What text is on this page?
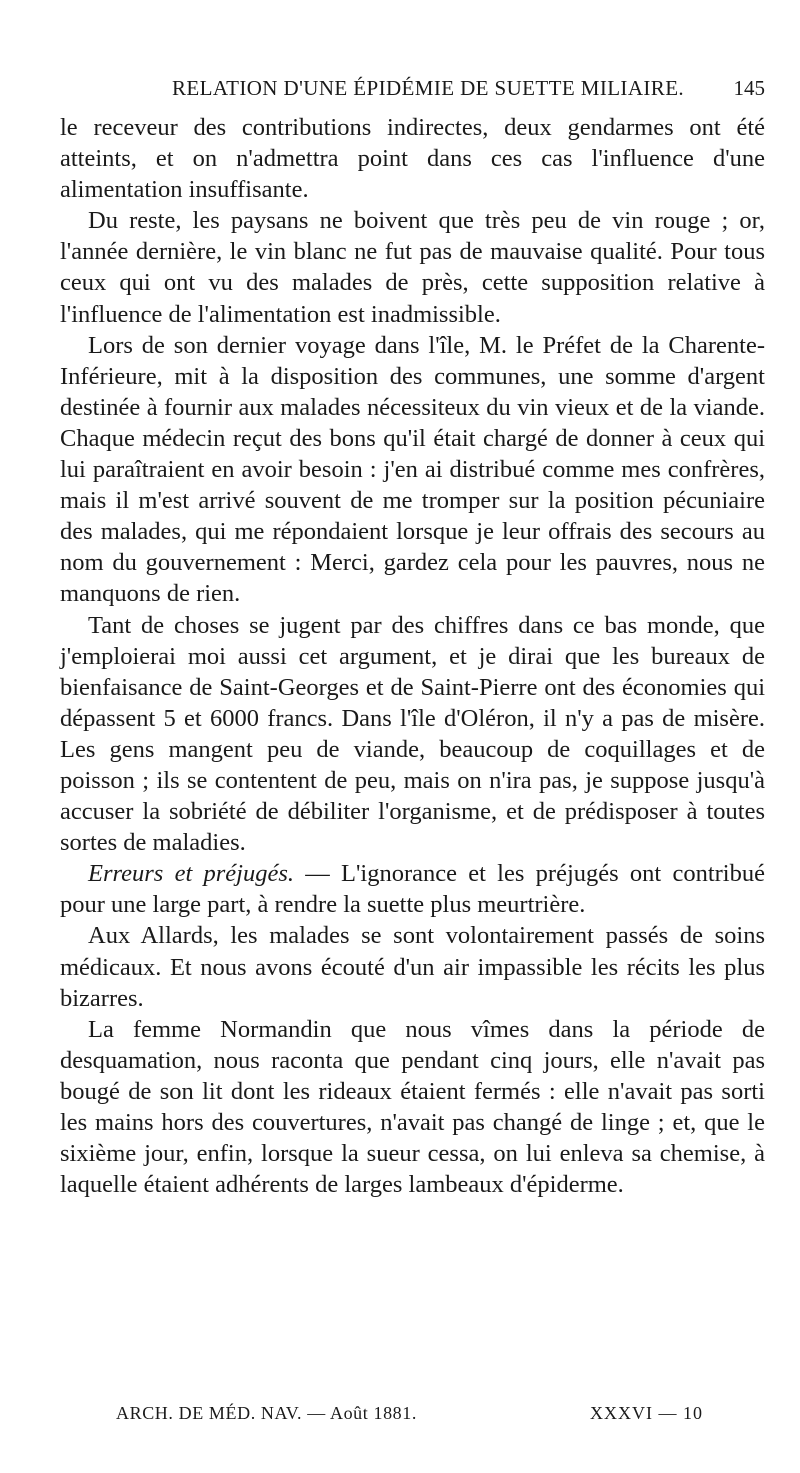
RELATION D'UNE ÉPIDÉMIE DE SUETTE MILIAIRE. 145

le receveur des contributions indirectes, deux gendarmes ont été atteints, et on n'admettra point dans ces cas l'influence d'une alimentation insuffisante.

Du reste, les paysans ne boivent que très peu de vin rouge ; or, l'année dernière, le vin blanc ne fut pas de mauvaise qualité. Pour tous ceux qui ont vu des malades de près, cette supposition relative à l'influence de l'alimentation est inadmissible.

Lors de son dernier voyage dans l'île, M. le Préfet de la Charente-Inférieure, mit à la disposition des communes, une somme d'argent destinée à fournir aux malades nécessiteux du vin vieux et de la viande. Chaque médecin reçut des bons qu'il était chargé de donner à ceux qui lui paraîtraient en avoir besoin : j'en ai distribué comme mes confrères, mais il m'est arrivé souvent de me tromper sur la position pécuniaire des malades, qui me répondaient lorsque je leur offrais des secours au nom du gouvernement : Merci, gardez cela pour les pauvres, nous ne manquons de rien.

Tant de choses se jugent par des chiffres dans ce bas monde, que j'emploierai moi aussi cet argument, et je dirai que les bureaux de bienfaisance de Saint-Georges et de Saint-Pierre ont des économies qui dépassent 5 et 6000 francs. Dans l'île d'Oléron, il n'y a pas de misère. Les gens mangent peu de viande, beaucoup de coquillages et de poisson ; ils se contentent de peu, mais on n'ira pas, je suppose jusqu'à accuser la sobriété de débiliter l'organisme, et de prédisposer à toutes sortes de maladies.

Erreurs et préjugés. — L'ignorance et les préjugés ont contribué pour une large part, à rendre la suette plus meurtrière.

Aux Allards, les malades se sont volontairement passés de soins médicaux. Et nous avons écouté d'un air impassible les récits les plus bizarres.

La femme Normandin que nous vîmes dans la période de desquamation, nous raconta que pendant cinq jours, elle n'avait pas bougé de son lit dont les rideaux étaient fermés : elle n'avait pas sorti les mains hors des couvertures, n'avait pas changé de linge ; et, que le sixième jour, enfin, lorsque la sueur cessa, on lui enleva sa chemise, à laquelle étaient adhérents de larges lambeaux d'épiderme.

ARCH. DE MÉD. NAV. — Août 1881.	XXXVI — 10
